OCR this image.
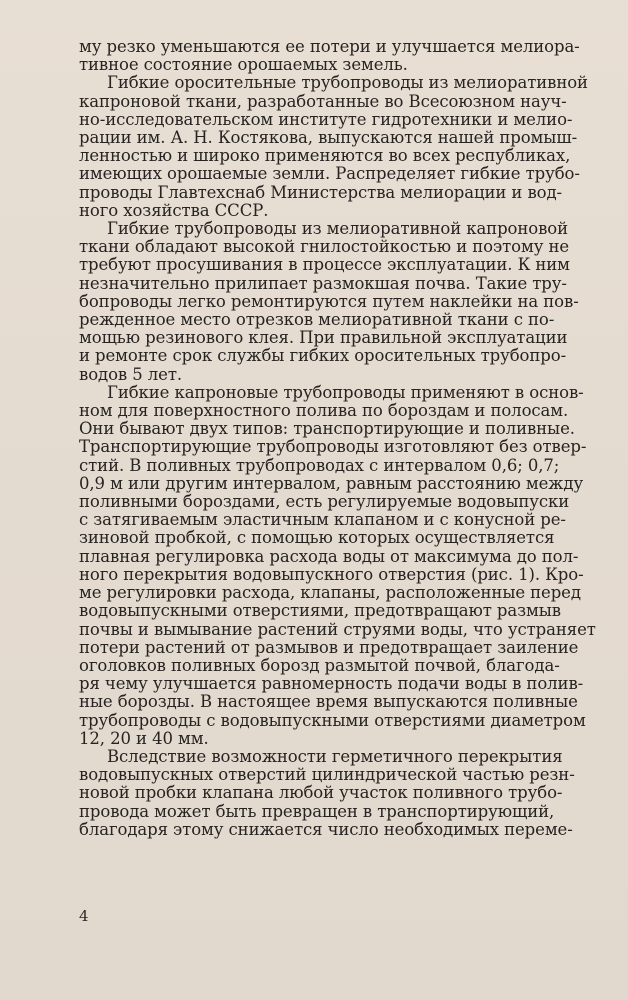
му резко уменьшаются ее потери и улучшается мелиора-
тивное состояние орошаемых земель.
Гибкие оросительные трубопроводы из мелиоративной
капроновой ткани, разработанные во Всесоюзном науч-
но-исследовательском институте гидротехники и мелио-
рации им. А. Н. Костякова, выпускаются нашей промыш-
ленностью и широко применяются во всех республиках,
имеющих орошаемые земли. Распределяет гибкие трубо-
проводы Главтехснаб Министерства мелиорации и вод-
ного хозяйства СССР.
Гибкие трубопроводы из мелиоративной капроновой
ткани обладают высокой гнилостойкостью и поэтому не
требуют просушивания в процессе эксплуатации. К ним
незначительно прилипает размокшая почва. Такие тру-
бопроводы легко ремонтируются путем наклейки на пов-
режденное место отрезков мелиоративной ткани с по-
мощью резинового клея. При правильной эксплуатации
и ремонте срок службы гибких оросительных трубопро-
водов 5 лет.
Гибкие капроновые трубопроводы применяют в основ-
ном для поверхностного полива по бороздам и полосам.
Они бывают двух типов: транспортирующие и поливные.
Транспортирующие трубопроводы изготовляют без отвер-
стий. В поливных трубопроводах с интервалом 0,6; 0,7;
0,9 м или другим интервалом, равным расстоянию между
поливными бороздами, есть регулируемые водовыпуски
с затягиваемым эластичным клапаном и с конусной ре-
зиновой пробкой, с помощью которых осуществляется
плавная регулировка расхода воды от максимума до пол-
ного перекрытия водовыпускного отверстия (рис. 1). Кро-
ме регулировки расхода, клапаны, расположенные перед
водовыпускными отверстиями, предотвращают размыв
почвы и вымывание растений струями воды, что устраняет
потери растений от размывов и предотвращает заиление
оголовков поливных борозд размытой почвой, благода-
ря чему улучшается равномерность подачи воды в полив-
ные борозды. В настоящее время выпускаются поливные
трубопроводы с водовыпускными отверстиями диаметром
12, 20 и 40 мм.
Вследствие возможности герметичного перекрытия
водовыпускных отверстий цилиндрической частью резн-
новой пробки клапана любой участок поливного трубо-
провода может быть превращен в транспортирующий,
благодаря этому снижается число необходимых переме-
4
